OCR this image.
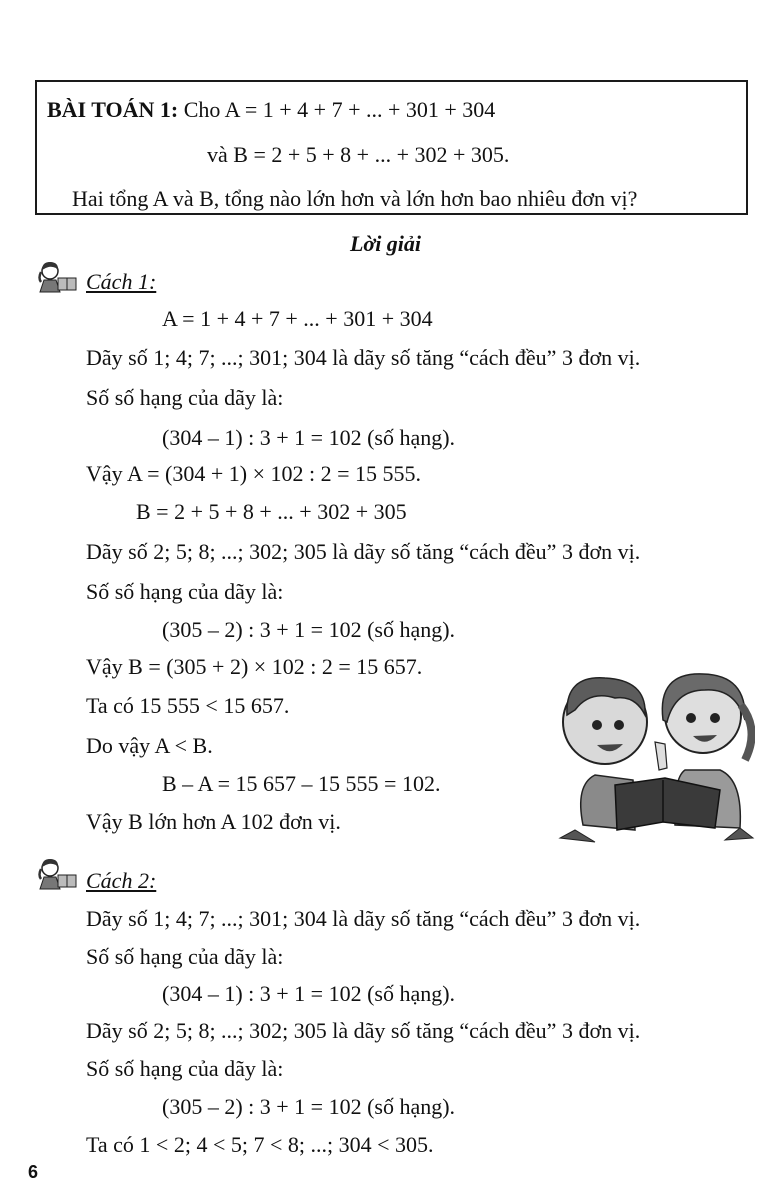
BÀI TOÁN 1: Cho A = 1 + 4 + 7 + ... + 301 + 304
và B = 2 + 5 + 8 + ... + 302 + 305.
Hai tổng A và B, tổng nào lớn hơn và lớn hơn bao nhiêu đơn vị?
Lời giải
Cách 1:
A = 1 + 4 + 7 + ... + 301 + 304
Dãy số 1; 4; 7; ...; 301; 304 là dãy số tăng “cách đều” 3 đơn vị.
Số số hạng của dãy là:
(304 – 1) : 3 + 1 = 102 (số hạng).
Vậy A = (304 + 1) × 102 : 2 = 15 555.
B = 2 + 5 + 8 + ... + 302 + 305
Dãy số 2; 5; 8; ...; 302; 305 là dãy số tăng “cách đều” 3 đơn vị.
Số số hạng của dãy là:
(305 – 2) : 3 + 1 = 102 (số hạng).
Vậy B = (305 + 2) × 102 : 2 = 15 657.
Ta có 15 555 < 15 657.
Do vậy A < B.
B – A = 15 657 – 15 555 = 102.
Vậy B lớn hơn A 102 đơn vị.
Cách 2:
Dãy số 1; 4; 7; ...; 301; 304 là dãy số tăng “cách đều” 3 đơn vị.
Số số hạng của dãy là:
(304 – 1) : 3 + 1 = 102 (số hạng).
Dãy số 2; 5; 8; ...; 302; 305 là dãy số tăng “cách đều” 3 đơn vị.
Số số hạng của dãy là:
(305 – 2) : 3 + 1 = 102 (số hạng).
Ta có 1 < 2; 4 < 5; 7 < 8; ...; 304 < 305.
6
